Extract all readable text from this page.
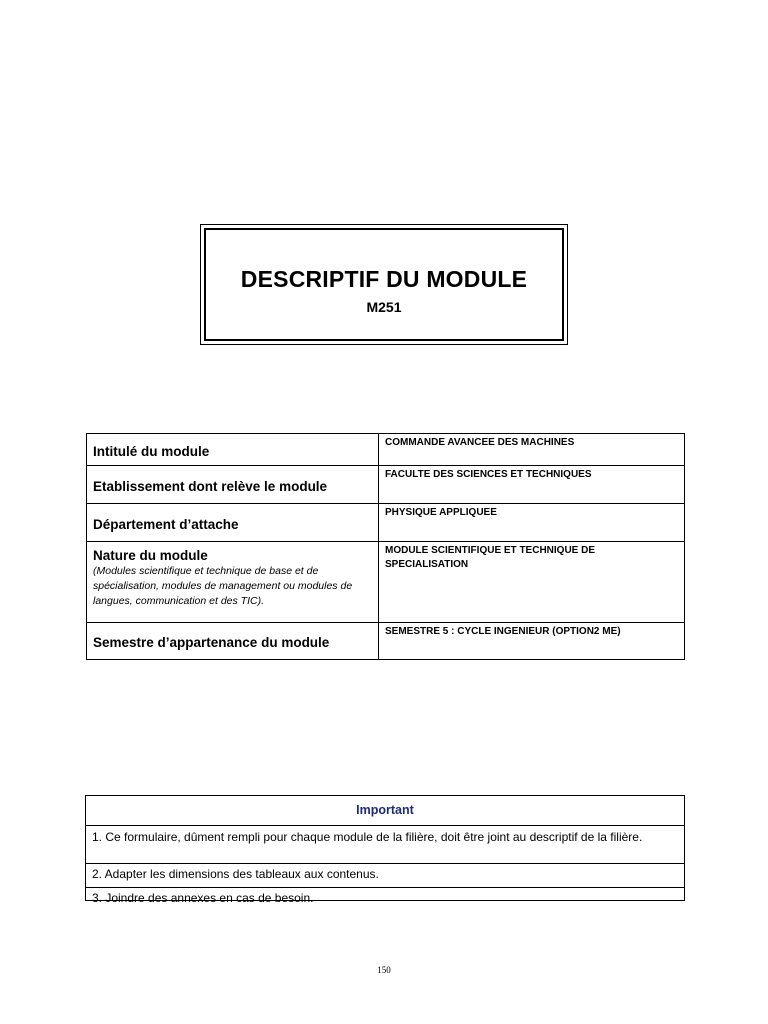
DESCRIPTIF DU MODULE
M251
Intitulé du module	COMMANDE AVANCEE DES MACHINES
Etablissement dont relève le module	FACULTE DES SCIENCES ET TECHNIQUES
Département d’attache	PHYSIQUE APPLIQUEE

Nature du module
(Modules scientifique et technique de base et de spécialisation, modules de management ou modules de langues, communication et des TIC).	MODULE SCIENTIFIQUE ET TECHNIQUE DE SPECIALISATION
Semestre d’appartenance du module	SEMESTRE 5 : CYCLE INGENIEUR (OPTION2 ME)
Important
1. Ce formulaire, dûment rempli pour chaque module de la filière, doit être joint au descriptif de la filière.
2. Adapter les dimensions des tableaux aux contenus.
3. Joindre des annexes en cas de besoin.
150
